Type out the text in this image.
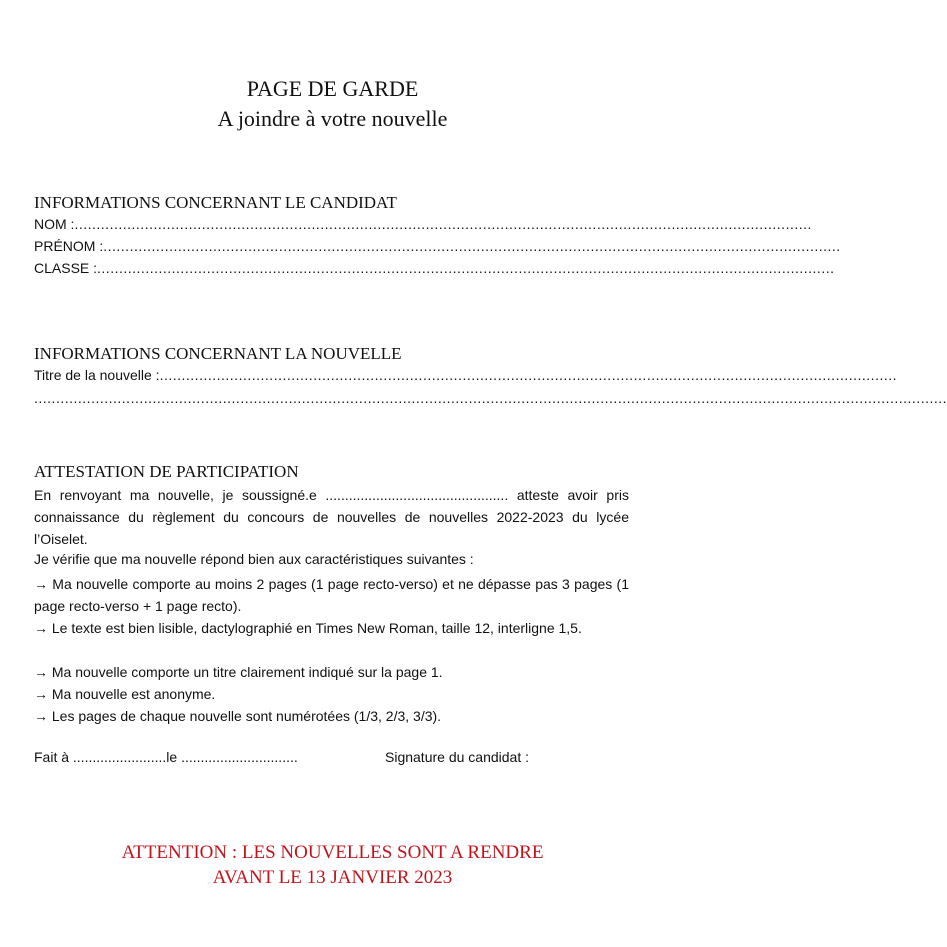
PAGE DE GARDE
A joindre à votre nouvelle
INFORMATIONS CONCERNANT LE CANDIDAT
NOM : ........................................................................................................................................................................
PRÉNOM : ........................................................................................................................................................................
CLASSE : ........................................................................................................................................................................
INFORMATIONS CONCERNANT LA NOUVELLE
Titre de la nouvelle : ........................................................................................................................................................................
................................................................................................................................................................................................................
ATTESTATION DE PARTICIPATION
En renvoyant ma nouvelle, je soussigné.e ............................................... atteste avoir pris connaissance du règlement du concours de nouvelles de nouvelles 2022-2023 du lycée l’Oiselet.
Je vérifie que ma nouvelle répond bien aux caractéristiques suivantes :
→ Ma nouvelle comporte au moins 2 pages (1 page recto-verso) et ne dépasse pas 3 pages (1 page recto-verso + 1 page recto).
→ Le texte est bien lisible, dactylographié en Times New Roman, taille 12, interligne 1,5.
→ Ma nouvelle comporte un titre clairement indiqué sur la page 1.
→ Ma nouvelle est anonyme.
→ Les pages de chaque nouvelle sont numérotées (1/3, 2/3, 3/3).
Fait à ........................le ..............................	Signature du candidat :
ATTENTION : LES NOUVELLES SONT A RENDRE
AVANT LE 13 JANVIER 2023
